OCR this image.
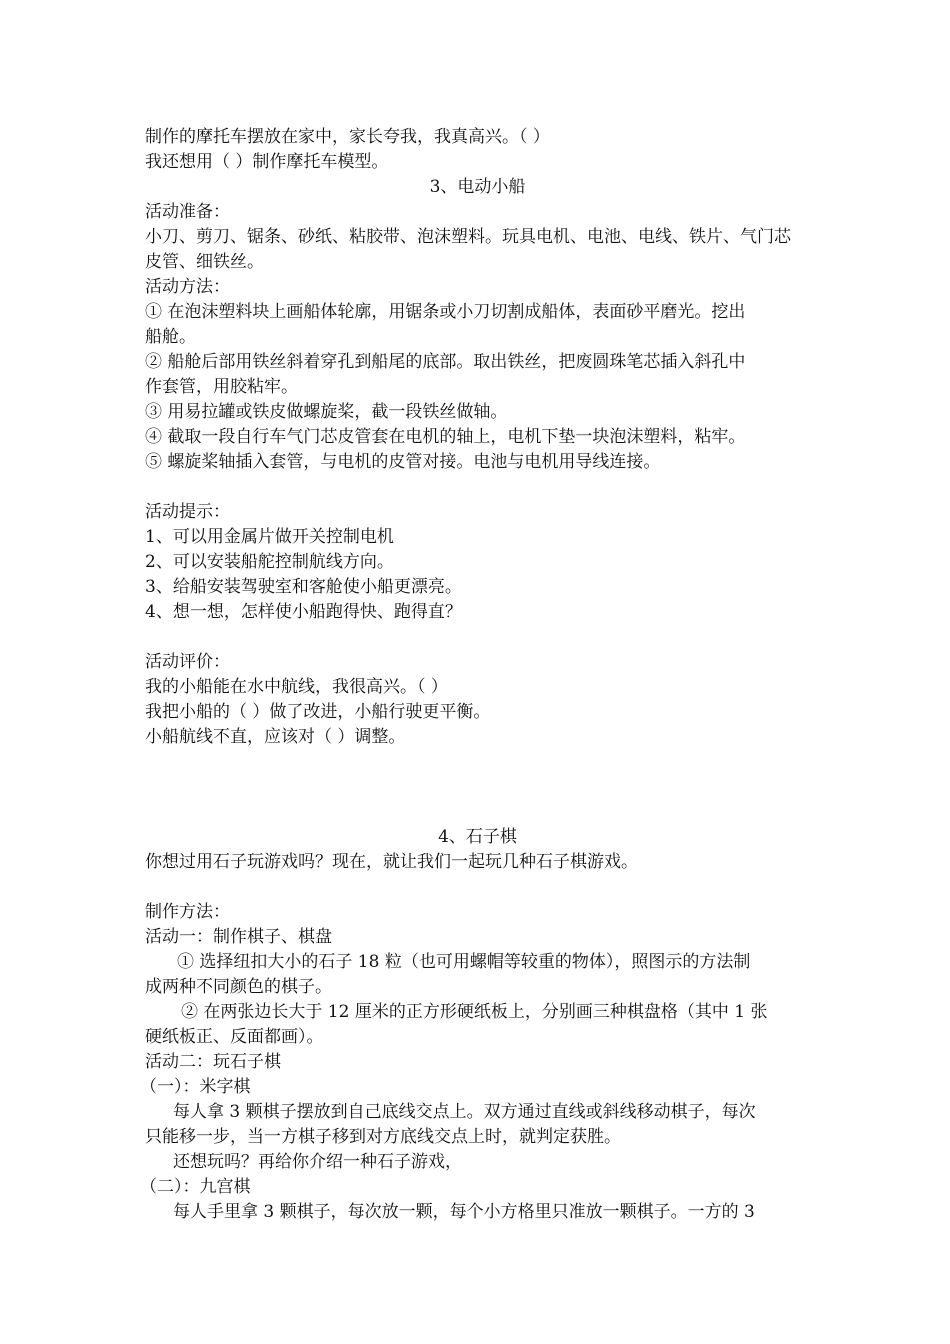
制作的摩托车摆放在家中，家长夸我，我真高兴。（ ）
我还想用（ ）制作摩托车模型。
3、电动小船
活动准备：
小刀、剪刀、锯条、砂纸、粘胶带、泡沫塑料。玩具电机、电池、电线、铁片、气门芯
皮管、细铁丝。
活动方法：
① 在泡沫塑料块上画船体轮廓，用锯条或小刀切割成船体，表面砂平磨光。挖出
船舱。
② 船舱后部用铁丝斜着穿孔到船尾的底部。取出铁丝，把废圆珠笔芯插入斜孔中
作套管，用胶粘牢。
③ 用易拉罐或铁皮做螺旋桨，截一段铁丝做轴。
④ 截取一段自行车气门芯皮管套在电机的轴上，电机下垫一块泡沫塑料，粘牢。
⑤ 螺旋桨轴插入套管，与电机的皮管对接。电池与电机用导线连接。
活动提示：
1、可以用金属片做开关控制电机
2、可以安装船舵控制航线方向。
3、给船安装驾驶室和客舱使小船更漂亮。
4、想一想，怎样使小船跑得快、跑得直？
活动评价：
我的小船能在水中航线，我很高兴。（ ）
我把小船的（ ）做了改进，小船行驶更平衡。
小船航线不直，应该对（ ）调整。
4、石子棋
你想过用石子玩游戏吗？现在，就让我们一起玩几种石子棋游戏。
制作方法：
活动一：制作棋子、棋盘
① 选择纽扣大小的石子 18 粒（也可用螺帽等较重的物体），照图示的方法制
成两种不同颜色的棋子。
② 在两张边长大于 12 厘米的正方形硬纸板上，分别画三种棋盘格（其中 1 张
硬纸板正、反面都画）。
活动二：玩石子棋
（一）：米字棋
每人拿 3 颗棋子摆放到自己底线交点上。双方通过直线或斜线移动棋子，每次
只能移一步，当一方棋子移到对方底线交点上时，就判定获胜。
还想玩吗？再给你介绍一种石子游戏，
（二）：九宫棋
每人手里拿 3 颗棋子，每次放一颗，每个小方格里只准放一颗棋子。一方的 3
